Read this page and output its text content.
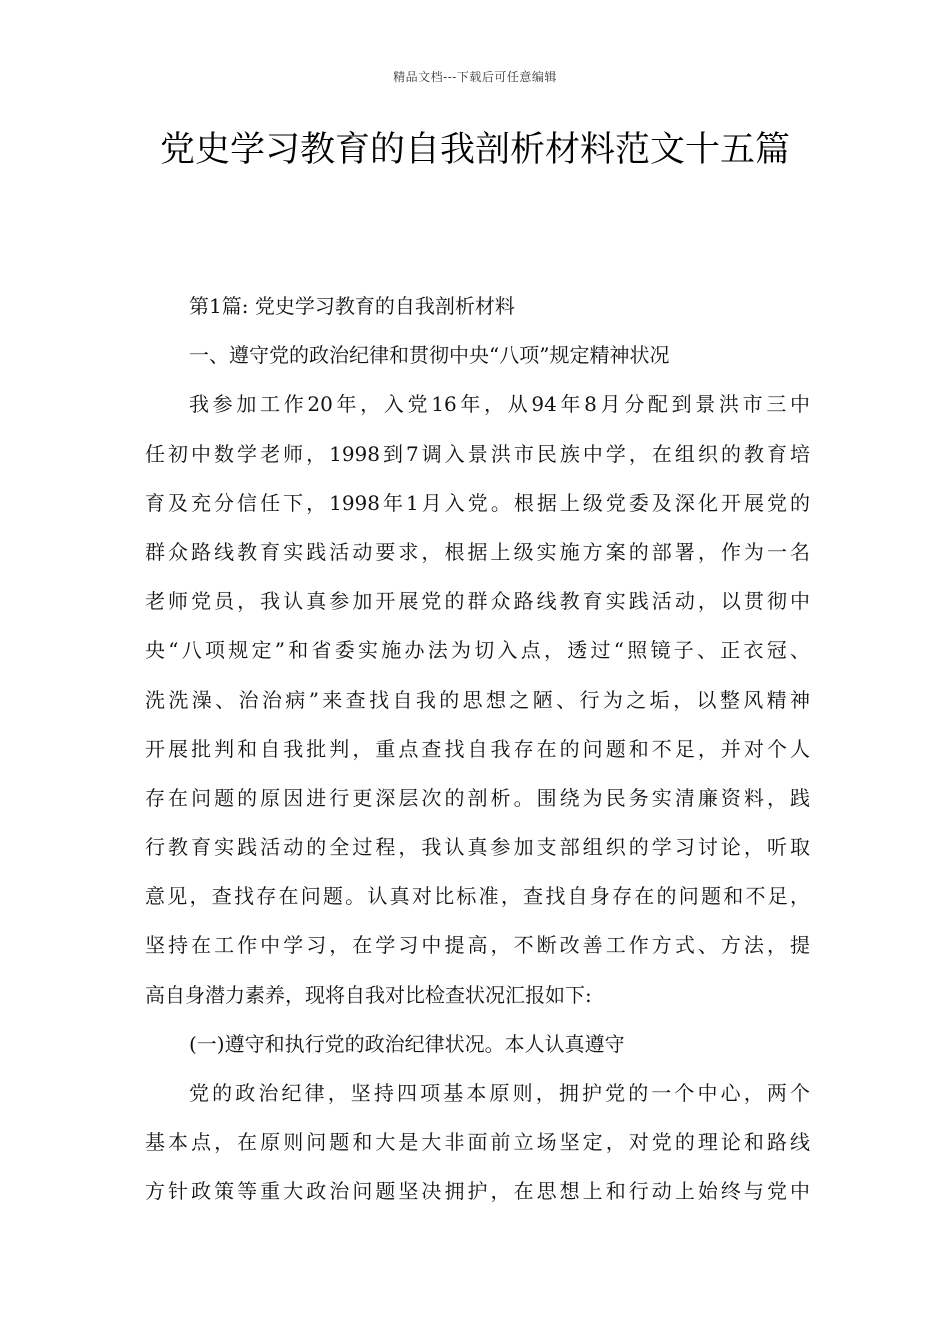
精品文档---下载后可任意编辑
党史学习教育的自我剖析材料范文十五篇
第1篇: 党史学习教育的自我剖析材料
一、遵守党的政治纪律和贯彻中央“八项”规定精神状况
我参加工作20年，入党16年，从94年8月分配到景洪市三中
任初中数学老师，1998到7调入景洪市民族中学，在组织的教育培
育及充分信任下，1998年1月入党。根据上级党委及深化开展党的
群众路线教育实践活动要求，根据上级实施方案的部署，作为一名
老师党员，我认真参加开展党的群众路线教育实践活动，以贯彻中
央“八项规定”和省委实施办法为切入点，透过“照镜子、正衣冠、
洗洗澡、治治病”来查找自我的思想之陋、行为之垢，以整风精神
开展批判和自我批判，重点查找自我存在的问题和不足，并对个人
存在问题的原因进行更深层次的剖析。围绕为民务实清廉资料，践
行教育实践活动的全过程，我认真参加支部组织的学习讨论，听取
意见，查找存在问题。认真对比标准，查找自身存在的问题和不足，
坚持在工作中学习，在学习中提高，不断改善工作方式、方法，提
高自身潜力素养，现将自我对比检查状况汇报如下:
(一)遵守和执行党的政治纪律状况。本人认真遵守
党的政治纪律，坚持四项基本原则，拥护党的一个中心，两个
基本点，在原则问题和大是大非面前立场坚定，对党的理论和路线
方针政策等重大政治问题坚决拥护，在思想上和行动上始终与党中
